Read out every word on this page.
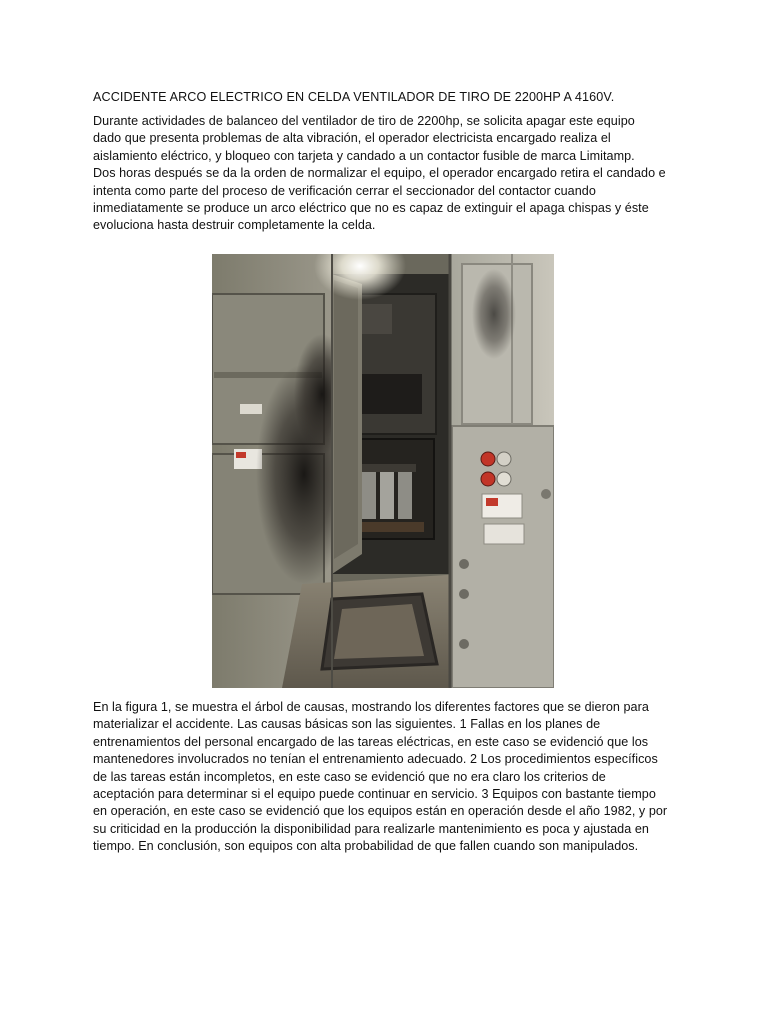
ACCIDENTE ARCO ELECTRICO EN CELDA VENTILADOR DE TIRO DE 2200HP A 4160V.
Durante actividades de balanceo del ventilador de tiro de 2200hp, se solicita apagar este equipo
dado que presenta problemas de alta vibración, el operador electricista encargado realiza el
aislamiento eléctrico, y bloqueo con tarjeta y candado a un contactor fusible de marca Limitamp.
Dos horas después se da la orden de normalizar el equipo, el operador encargado retira el candado e
intenta como parte del proceso de verificación cerrar el seccionador del contactor cuando
inmediatamente se produce un arco eléctrico que no es capaz de extinguir el apaga chispas y éste
evoluciona hasta destruir completamente la celda.
En la figura 1, se muestra el árbol de causas, mostrando los diferentes factores que se dieron para
materializar el accidente. Las causas básicas son las siguientes. 1 Fallas en los planes de
entrenamientos del personal encargado de las tareas eléctricas, en este caso se evidenció que los
mantenedores involucrados no tenían el entrenamiento adecuado. 2 Los procedimientos específicos
de las tareas están incompletos, en este caso se evidenció que no era claro los criterios de
aceptación para determinar si el equipo puede continuar en servicio. 3 Equipos con bastante tiempo
en operación, en este caso se evidenció que los equipos están en operación desde el año 1982, y por
su criticidad en la producción la disponibilidad para realizarle mantenimiento es poca y ajustada en
tiempo. En conclusión, son equipos con alta probabilidad de que fallen cuando son manipulados.
